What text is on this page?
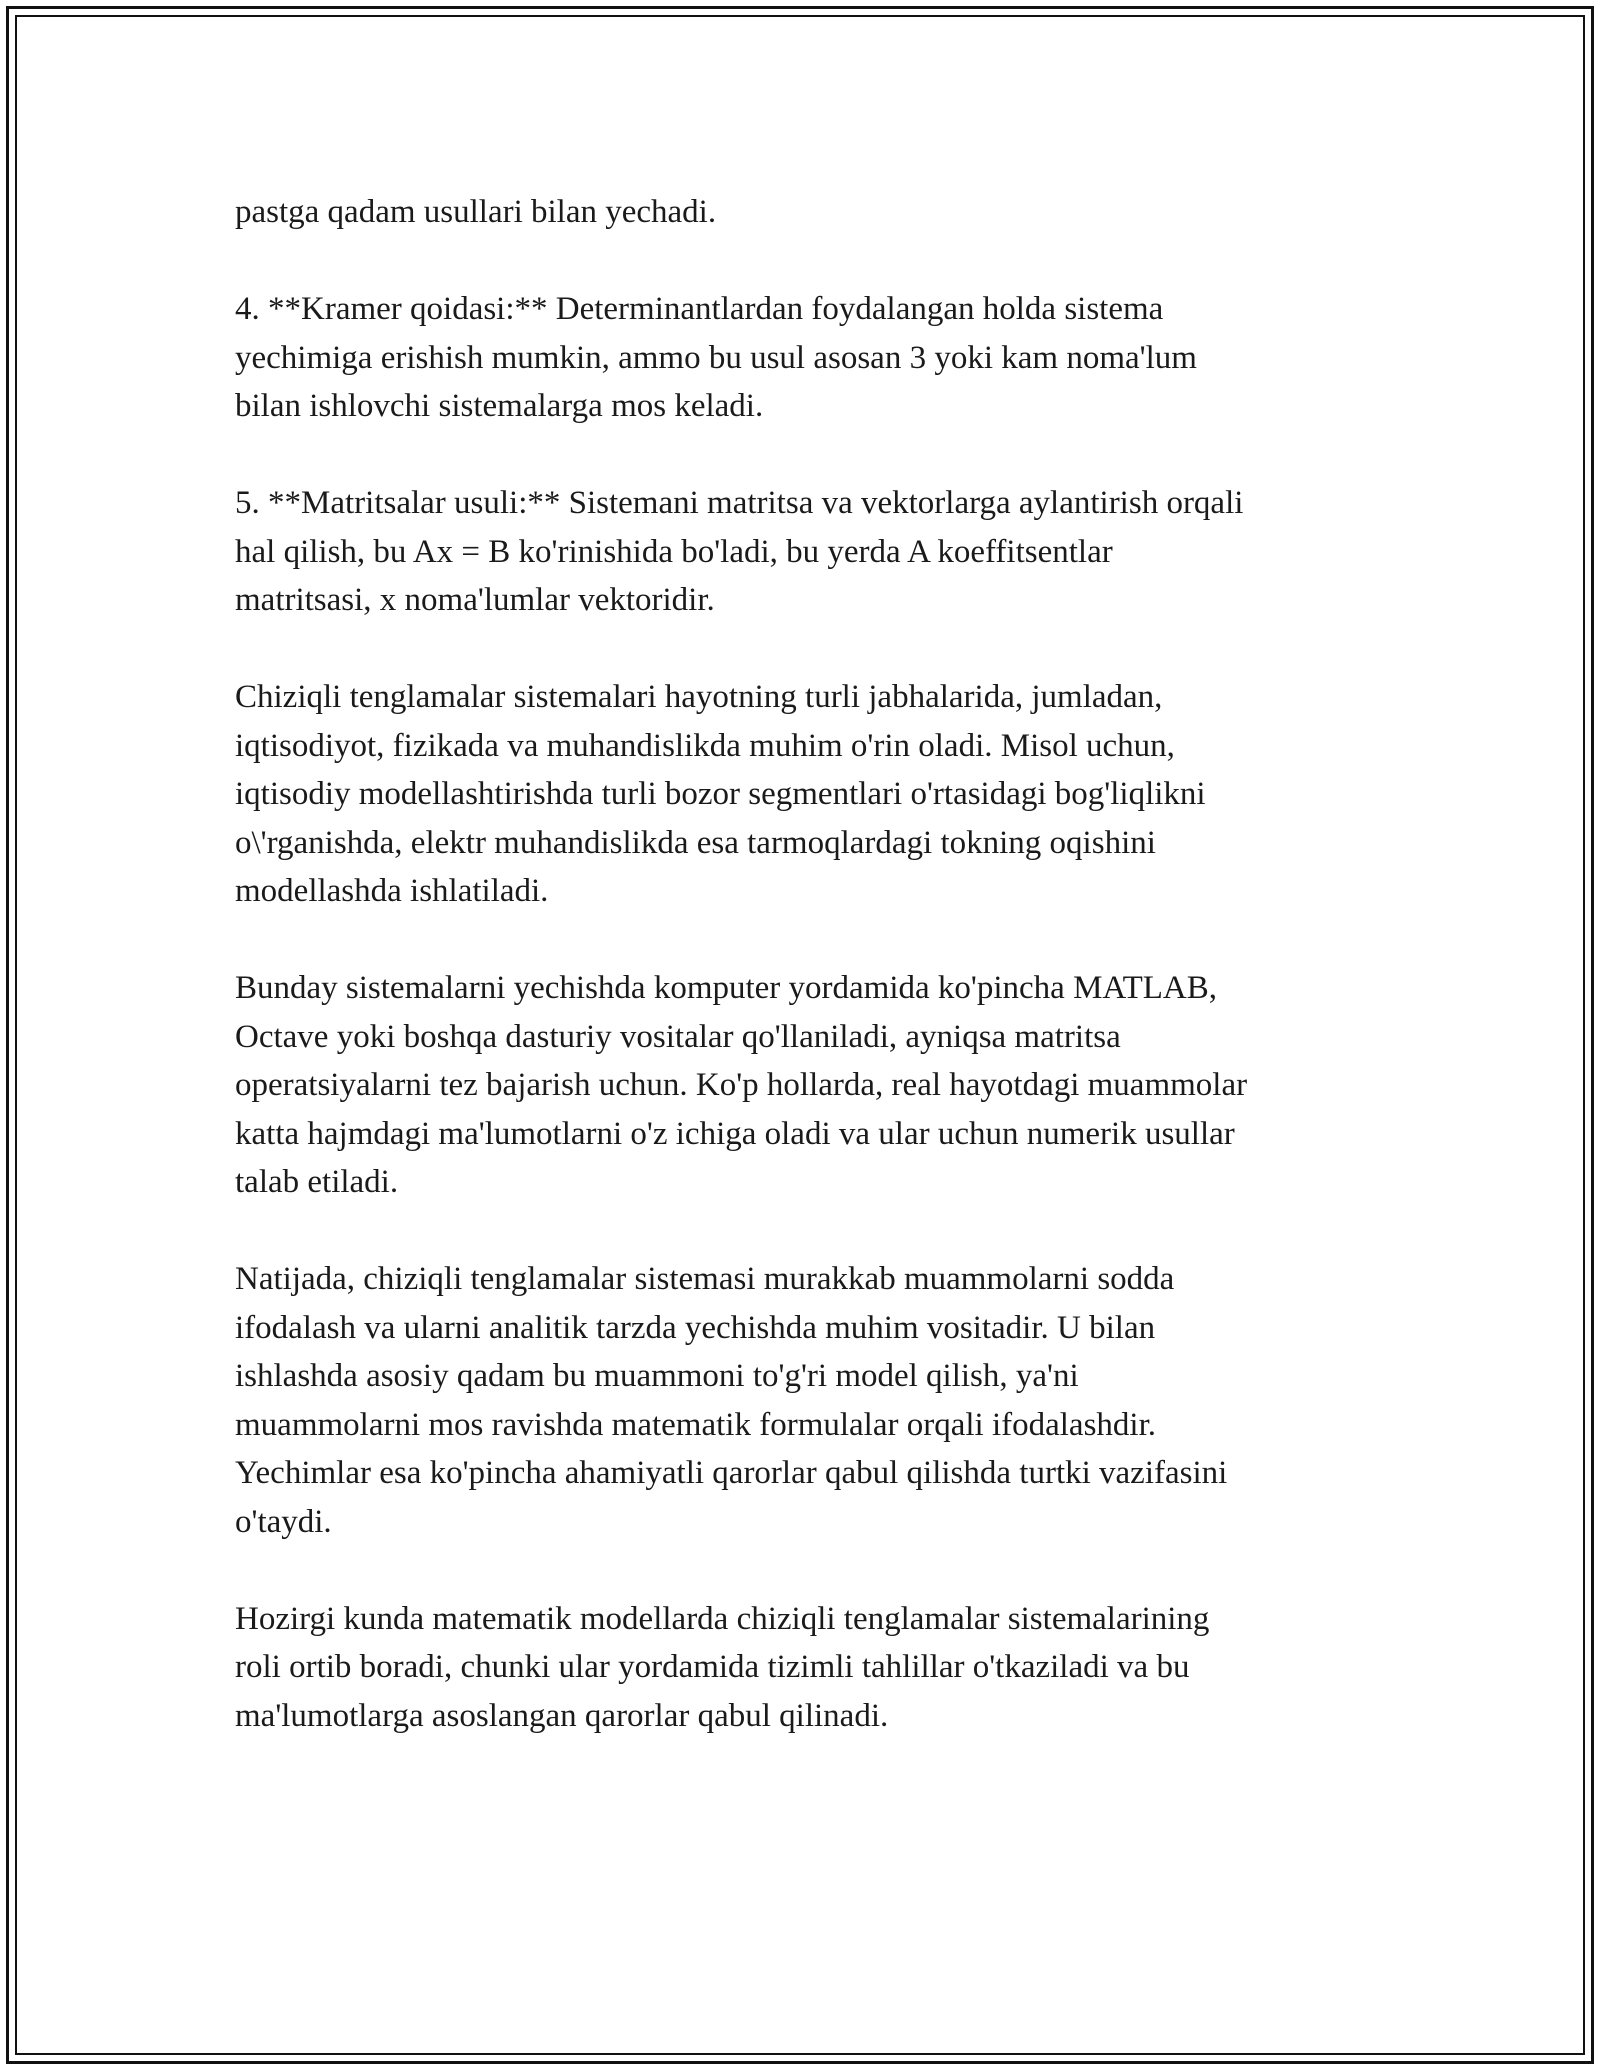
pastga qadam usullari bilan yechadi.

4. **Kramer qoidasi:** Determinantlardan foydalangan holda sistema
yechimiga erishish mumkin, ammo bu usul asosan 3 yoki kam noma'lum
bilan ishlovchi sistemalarga mos keladi.

5. **Matritsalar usuli:** Sistemani matritsa va vektorlarga aylantirish orqali
hal qilish, bu Ax = B ko'rinishida bo'ladi, bu yerda A koeffitsentlar
matritsasi, x noma'lumlar vektoridir.

Chiziqli tenglamalar sistemalari hayotning turli jabhalarida, jumladan,
iqtisodiyot, fizikada va muhandislikda muhim o'rin oladi. Misol uchun,
iqtisodiy modellashtirishda turli bozor segmentlari o'rtasidagi bog'liqlikni
o\'rganishda, elektr muhandislikda esa tarmoqlardagi tokning oqishini
modellashda ishlatiladi.

Bunday sistemalarni yechishda komputer yordamida ko'pincha MATLAB,
Octave yoki boshqa dasturiy vositalar qo'llaniladi, ayniqsa matritsa
operatsiyalarni tez bajarish uchun. Ko'p hollarda, real hayotdagi muammolar
katta hajmdagi ma'lumotlarni o'z ichiga oladi va ular uchun numerik usullar
talab etiladi.

Natijada, chiziqli tenglamalar sistemasi murakkab muammolarni sodda
ifodalash va ularni analitik tarzda yechishda muhim vositadir. U bilan
ishlashda asosiy qadam bu muammoni to'g'ri model qilish, ya'ni
muammolarni mos ravishda matematik formulalar orqali ifodalashdir.
Yechimlar esa ko'pincha ahamiyatli qarorlar qabul qilishda turtki vazifasini
o'taydi.

Hozirgi kunda matematik modellarda chiziqli tenglamalar sistemalarining
roli ortib boradi, chunki ular yordamida tizimli tahlillar o'tkaziladi va bu
ma'lumotlarga asoslangan qarorlar qabul qilinadi.
